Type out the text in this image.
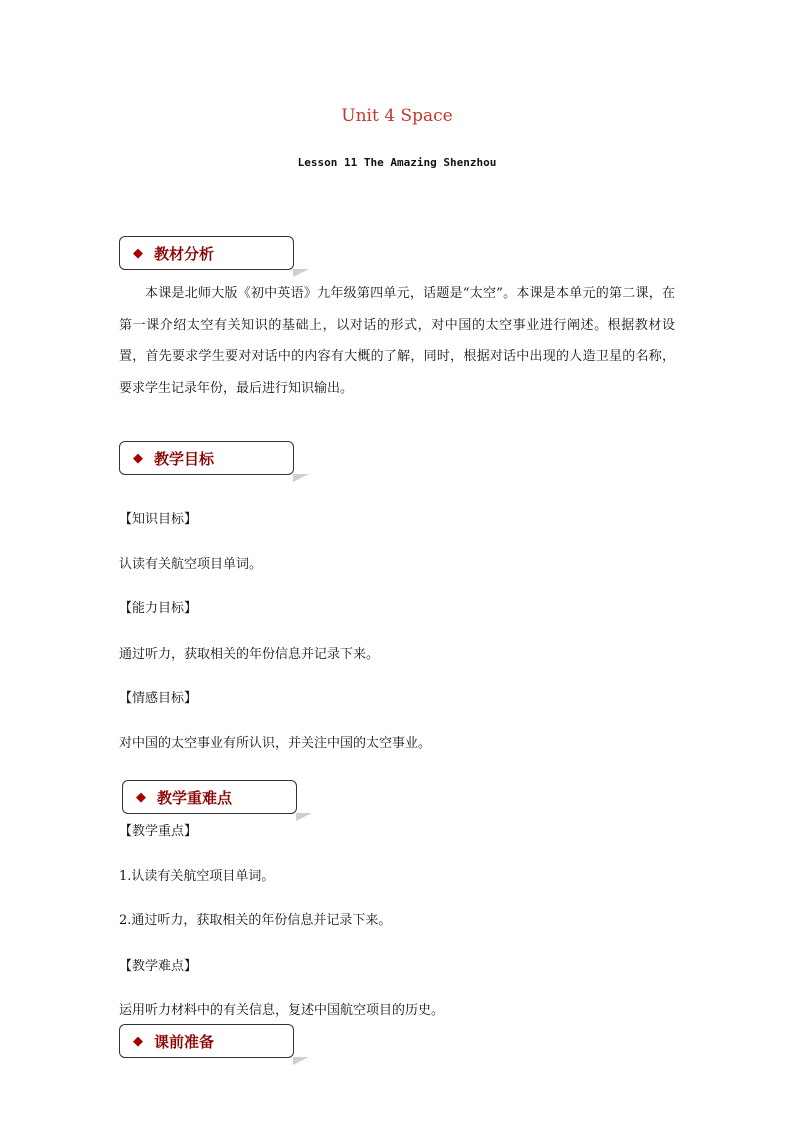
Unit 4 Space
Lesson 11 The Amazing Shenzhou
◆ 教材分析
本课是北师大版《初中英语》九年级第四单元，话题是“太空”。本课是本单元的第二课，在第一课介绍太空有关知识的基础上，以对话的形式，对中国的太空事业进行阐述。根据教材设置，首先要求学生要对对话中的内容有大概的了解，同时，根据对话中出现的人造卫星的名称，要求学生记录年份，最后进行知识输出。
◆ 教学目标
【知识目标】
认读有关航空项目单词。
【能力目标】
通过听力，获取相关的年份信息并记录下来。
【情感目标】
对中国的太空事业有所认识，并关注中国的太空事业。
◆ 教学重难点
【教学重点】
1.认读有关航空项目单词。
2.通过听力，获取相关的年份信息并记录下来。
【教学难点】
运用听力材料中的有关信息，复述中国航空项目的历史。
◆ 课前准备
